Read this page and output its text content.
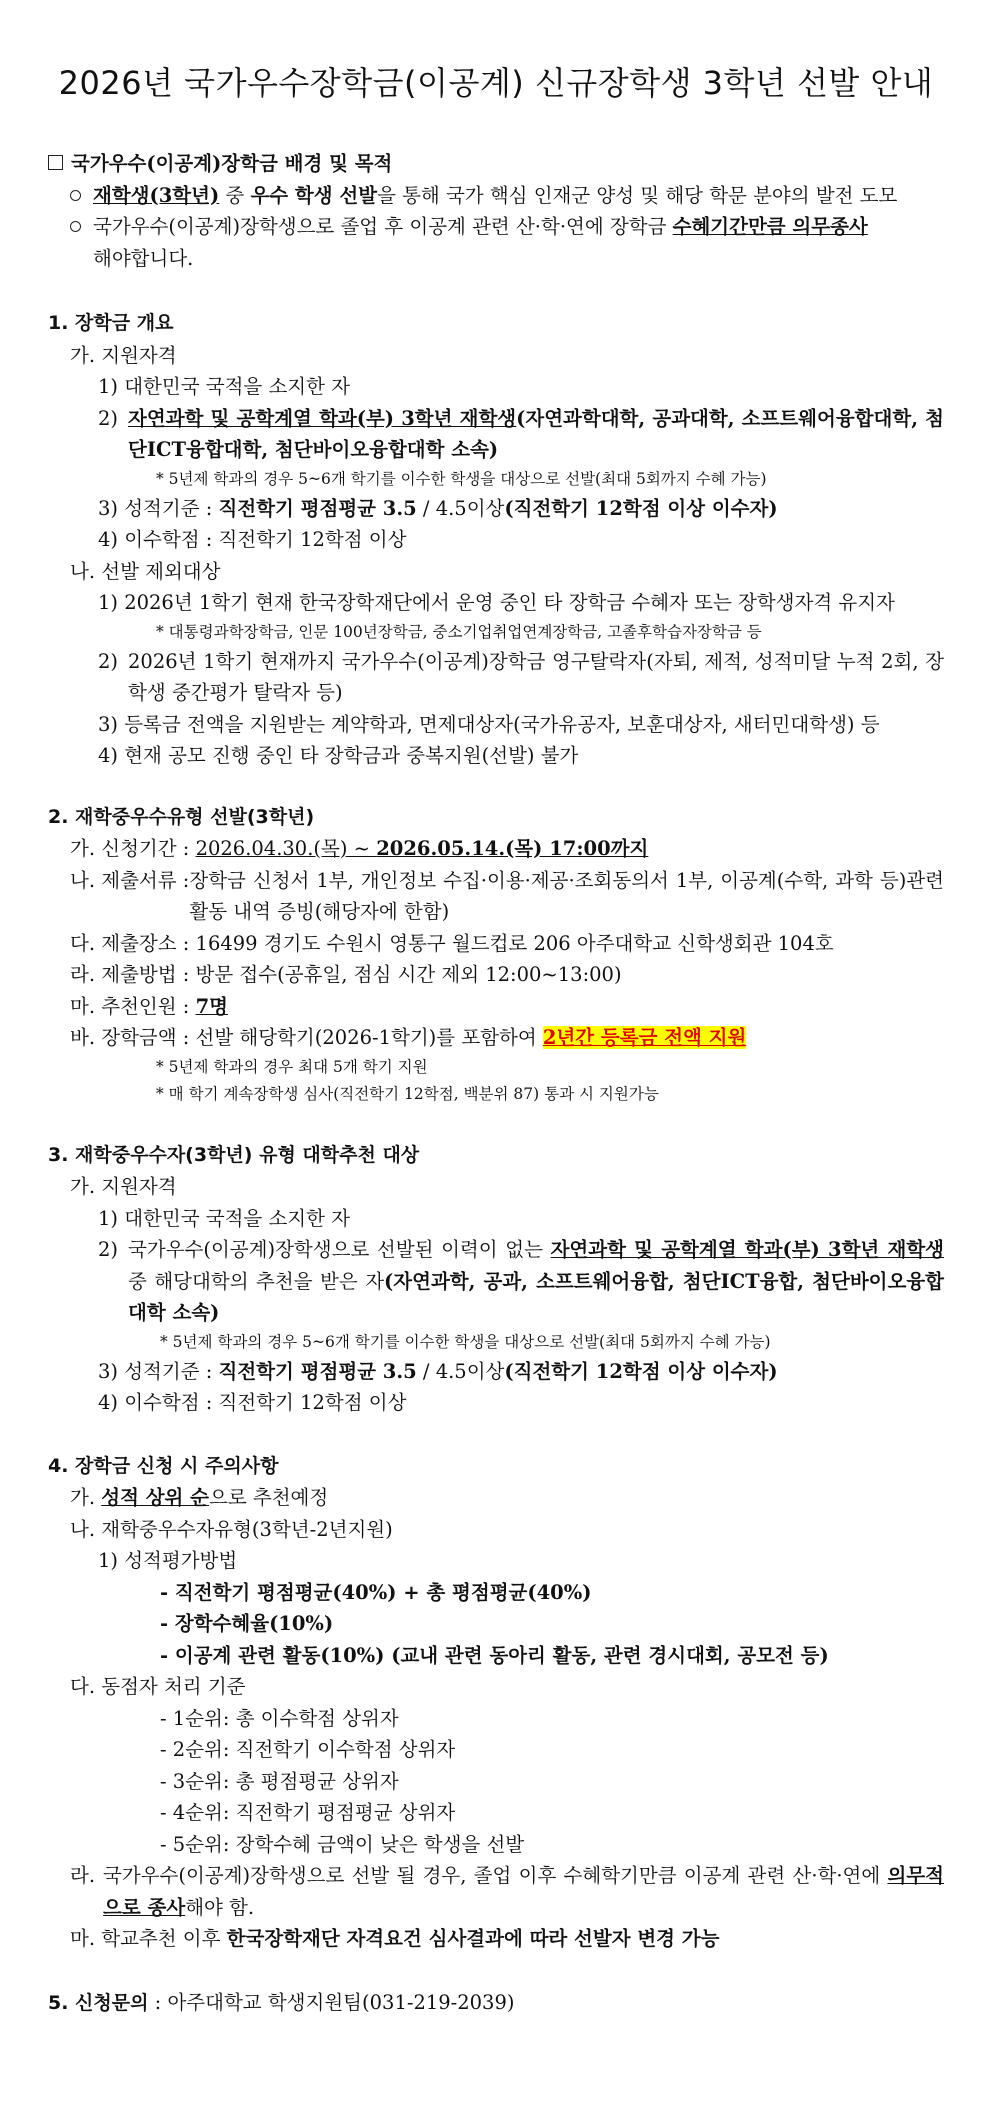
2026년 국가우수장학금(이공계) 신규장학생 3학년 선발 안내
국가우수(이공계)장학금 배경 및 목적
재학생(3학년) 중 우수 학생 선발을 통해 국가 핵심 인재군 양성 및 해당 학문 분야의 발전 도모
국가우수(이공계)장학생으로 졸업 후 이공계 관련 산·학·연에 장학금 수혜기간만큼 의무종사
해야합니다.
1. 장학금 개요
가. 지원자격
1) 대한민국 국적을 소지한 자
2) 자연과학 및 공학계열 학과(부) 3학년 재학생(자연과학대학, 공과대학, 소프트웨어융합대학, 첨단ICT융합대학, 첨단바이오융합대학 소속)
* 5년제 학과의 경우 5~6개 학기를 이수한 학생을 대상으로 선발(최대 5회까지 수혜 가능)
3) 성적기준 : 직전학기 평점평균 3.5 / 4.5이상(직전학기 12학점 이상 이수자)
4) 이수학점 : 직전학기 12학점 이상
나. 선발 제외대상
1) 2026년 1학기 현재 한국장학재단에서 운영 중인 타 장학금 수혜자 또는 장학생자격 유지자
* 대통령과학장학금, 인문 100년장학금, 중소기업취업연계장학금, 고졸후학습자장학금 등
2) 2026년 1학기 현재까지 국가우수(이공계)장학금 영구탈락자(자퇴, 제적, 성적미달 누적 2회, 장학생 중간평가 탈락자 등)
3) 등록금 전액을 지원받는 계약학과, 면제대상자(국가유공자, 보훈대상자, 새터민대학생) 등
4) 현재 공모 진행 중인 타 장학금과 중복지원(선발) 불가
2. 재학중우수유형 선발(3학년)
가. 신청기간 : 2026.04.30.(목) ~ 2026.05.14.(목) 17:00까지
나. 제출서류 : 장학금 신청서 1부, 개인정보 수집·이용·제공·조회동의서 1부, 이공계(수학, 과학 등)관련 활동 내역 증빙(해당자에 한함)
다. 제출장소 : 16499 경기도 수원시 영통구 월드컵로 206 아주대학교 신학생회관 104호
라. 제출방법 : 방문 접수(공휴일, 점심 시간 제외 12:00~13:00)
마. 추천인원 : 7명
바. 장학금액 : 선발 해당학기(2026-1학기)를 포함하여 2년간 등록금 전액 지원
* 5년제 학과의 경우 최대 5개 학기 지원
* 매 학기 계속장학생 심사(직전학기 12학점, 백분위 87) 통과 시 지원가능
3. 재학중우수자(3학년) 유형 대학추천 대상
가. 지원자격
1) 대한민국 국적을 소지한 자
2) 국가우수(이공계)장학생으로 선발된 이력이 없는 자연과학 및 공학계열 학과(부) 3학년 재학생 중 해당대학의 추천을 받은 자(자연과학, 공과, 소프트웨어융합, 첨단ICT융합, 첨단바이오융합대학 소속)
* 5년제 학과의 경우 5~6개 학기를 이수한 학생을 대상으로 선발(최대 5회까지 수혜 가능)
3) 성적기준 : 직전학기 평점평균 3.5 / 4.5이상(직전학기 12학점 이상 이수자)
4) 이수학점 : 직전학기 12학점 이상
4. 장학금 신청 시 주의사항
가. 성적 상위 순으로 추천예정
나. 재학중우수자유형(3학년-2년지원)
1) 성적평가방법
- 직전학기 평점평균(40%) + 총 평점평균(40%)
- 장학수혜율(10%)
- 이공계 관련 활동(10%) (교내 관련 동아리 활동, 관련 경시대회, 공모전 등)
다. 동점자 처리 기준
- 1순위: 총 이수학점 상위자
- 2순위: 직전학기 이수학점 상위자
- 3순위: 총 평점평균 상위자
- 4순위: 직전학기 평점평균 상위자
- 5순위: 장학수혜 금액이 낮은 학생을 선발
라. 국가우수(이공계)장학생으로 선발 될 경우, 졸업 이후 수혜학기만큼 이공계 관련 산·학·연에 의무적으로 종사해야 함.
마. 학교추천 이후 한국장학재단 자격요건 심사결과에 따라 선발자 변경 가능
5. 신청문의 : 아주대학교 학생지원팀(031-219-2039)
